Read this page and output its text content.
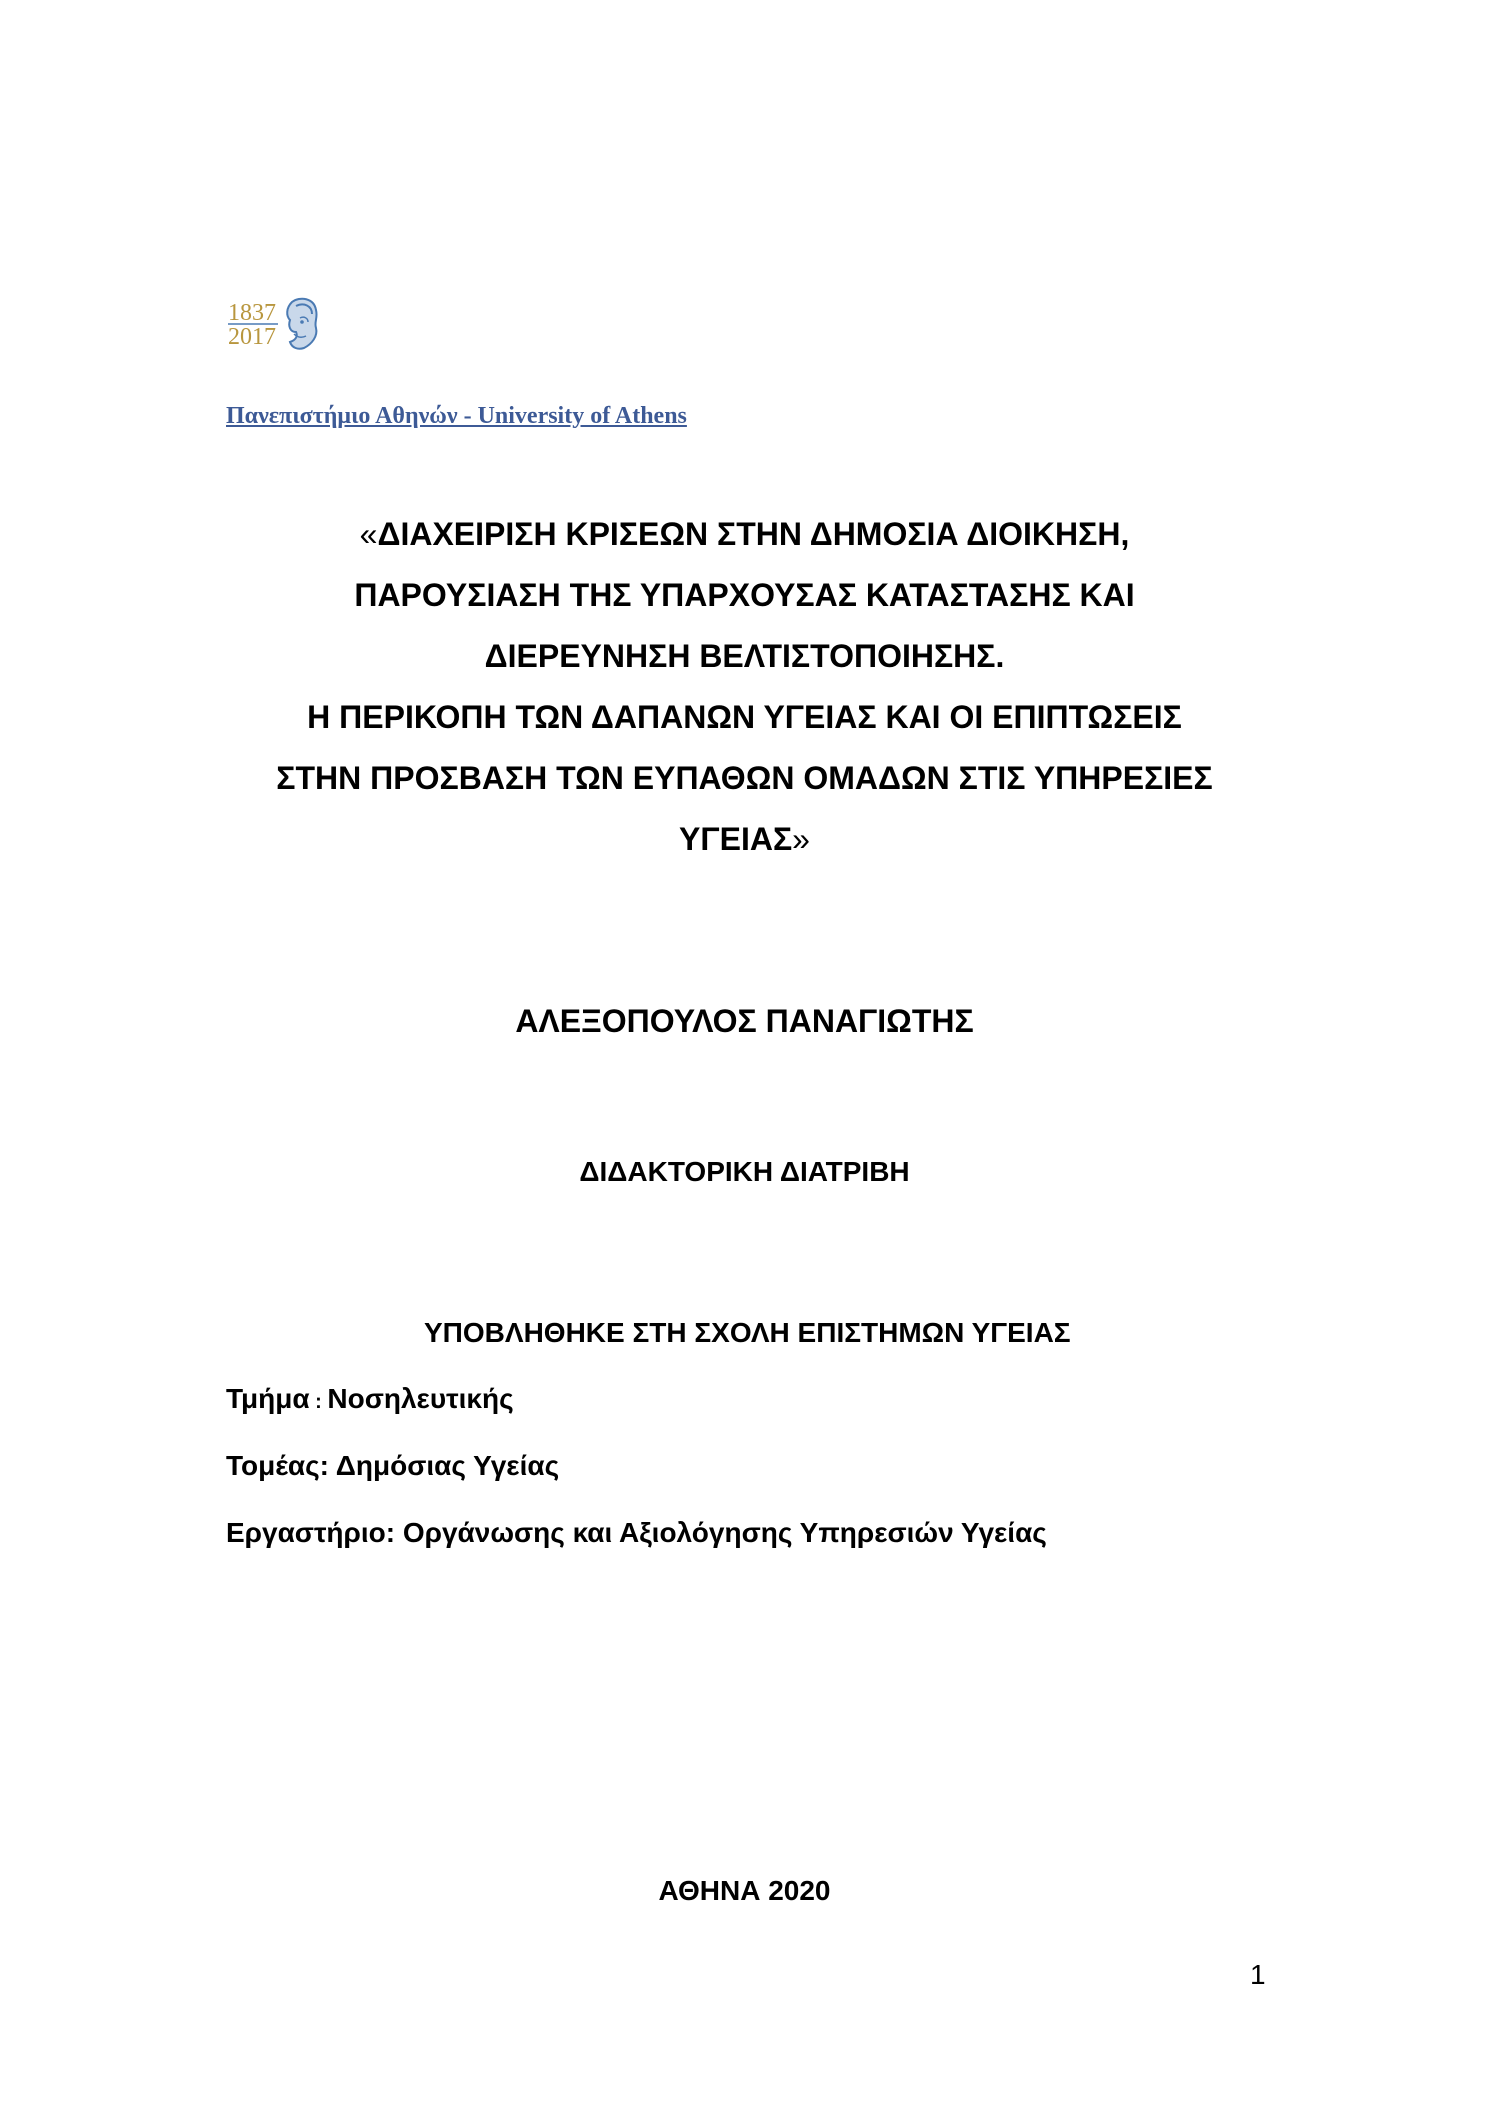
1837
2017
Πανεπιστήμιο Αθηνών - University of Athens
«ΔΙΑΧΕΙΡΙΣΗ ΚΡΙΣΕΩΝ ΣΤΗΝ ΔΗΜΟΣΙΑ ΔΙΟΙΚΗΣΗ,
ΠΑΡΟΥΣΙΑΣΗ ΤΗΣ ΥΠΑΡΧΟΥΣΑΣ ΚΑΤΑΣΤΑΣΗΣ ΚΑΙ
ΔΙΕΡΕΥΝΗΣΗ ΒΕΛΤΙΣΤΟΠΟΙΗΣΗΣ.
Η ΠΕΡΙΚΟΠΗ ΤΩΝ ΔΑΠΑΝΩΝ ΥΓΕΙΑΣ ΚΑΙ ΟΙ ΕΠΙΠΤΩΣΕΙΣ
ΣΤΗΝ ΠΡΟΣΒΑΣΗ ΤΩΝ ΕΥΠΑΘΩΝ ΟΜΑΔΩΝ ΣΤΙΣ ΥΠΗΡΕΣΙΕΣ
ΥΓΕΙΑΣ»
ΑΛΕΞΟΠΟΥΛΟΣ ΠΑΝΑΓΙΩΤΗΣ
ΔΙΔΑΚΤΟΡΙΚΗ ΔΙΑΤΡΙΒΗ
ΥΠΟΒΛΗΘΗΚΕ ΣΤΗ ΣΧΟΛΗ ΕΠΙΣΤΗΜΩΝ ΥΓΕΙΑΣ
Τμήμα : Νοσηλευτικής
Τομέας: Δημόσιας Υγείας
Εργαστήριο: Οργάνωσης και Αξιολόγησης Υπηρεσιών Υγείας
ΑΘΗΝΑ 2020
1
